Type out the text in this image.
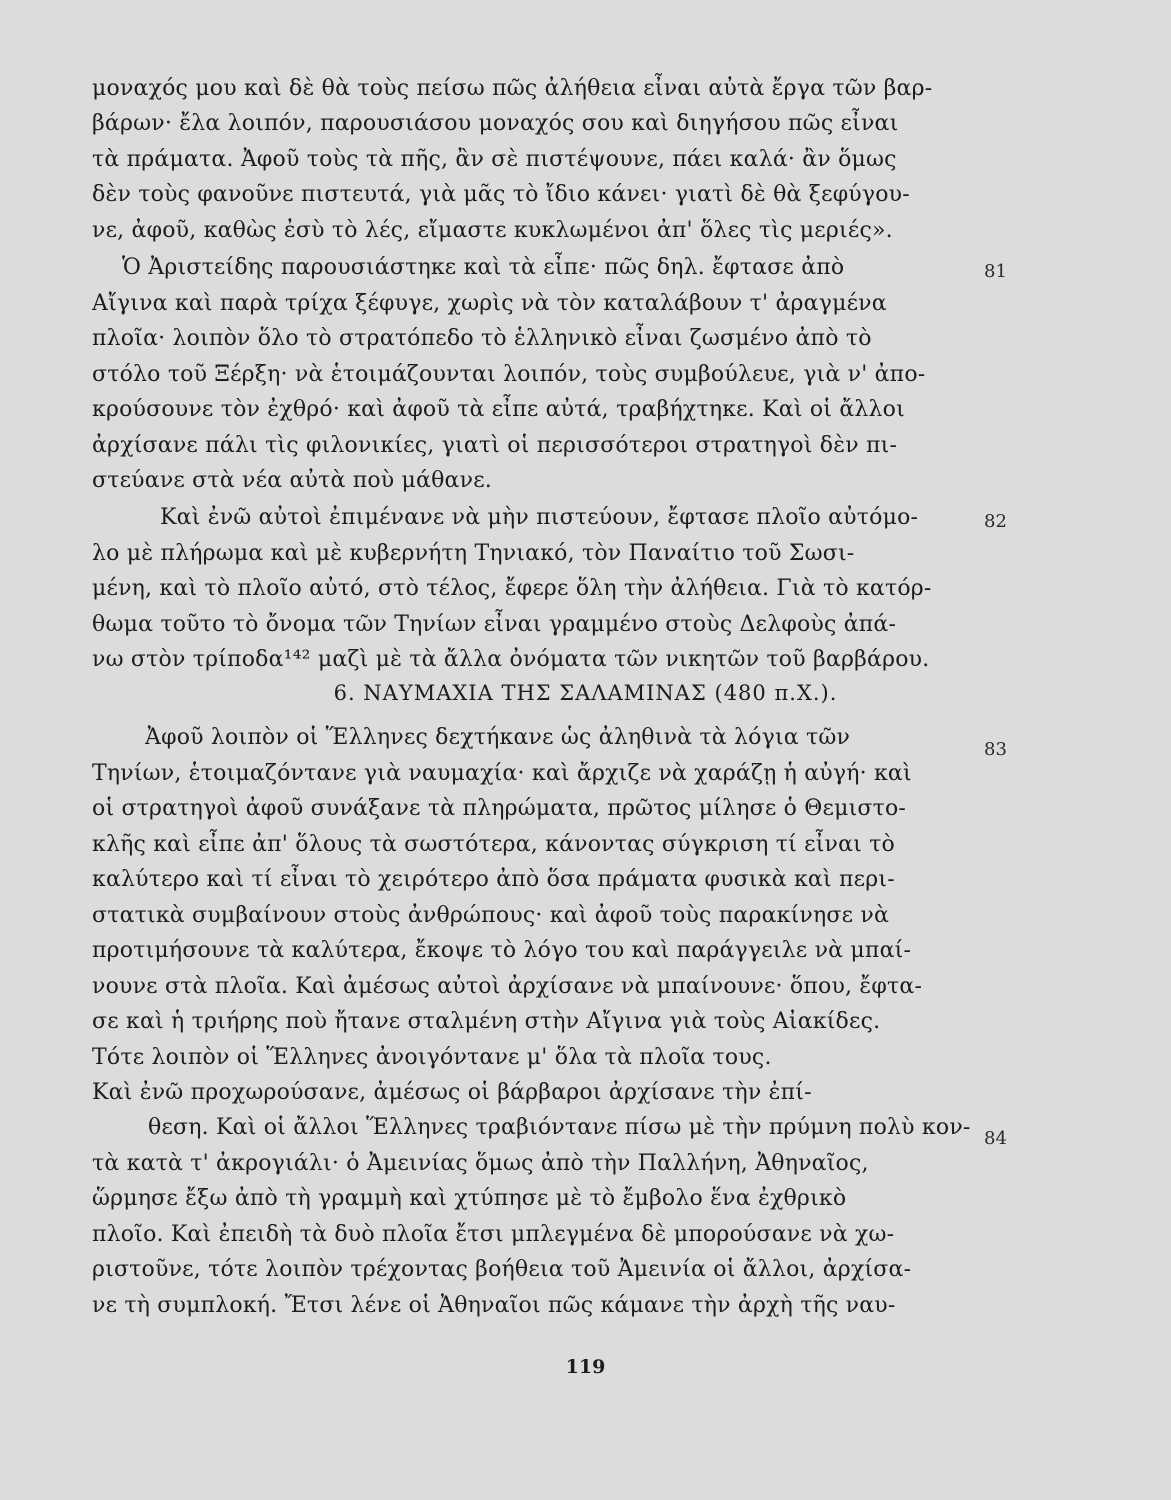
μοναχός μου καὶ δὲ θὰ τοὺς πείσω πῶς ἀλήθεια εἶναι αὐτὰ ἔργα τῶν βαρ-
βάρων· ἔλα λοιπόν, παρουσιάσου μοναχός σου καὶ διηγήσου πῶς εἶναι
τὰ πράματα. Ἀφοῦ τοὺς τὰ πῆς, ἂν σὲ πιστέψουνε, πάει καλά· ἂν ὅμως
δὲν τοὺς φανοῦνε πιστευτά, γιὰ μᾶς τὸ ἴδιο κάνει· γιατὶ δὲ θὰ ξεφύγου-
νε, ἀφοῦ, καθὼς ἐσὺ τὸ λές, εἴμαστε κυκλωμένοι ἀπ' ὅλες τὶς μεριές».
Ὁ Ἀριστείδης παρουσιάστηκε καὶ τὰ εἶπε· πῶς δηλ. ἔφτασε ἀπὸ	81
Αἴγινα καὶ παρὰ τρίχα ξέφυγε, χωρὶς νὰ τὸν καταλάβουν τ' ἀραγμένα
πλοῖα· λοιπὸν ὅλο τὸ στρατόπεδο τὸ ἑλληνικὸ εἶναι ζωσμένο ἀπὸ τὸ
στόλο τοῦ Ξέρξη· νὰ ἑτοιμάζουνται λοιπόν, τοὺς συμβούλευε, γιὰ ν' ἀπο-
κρούσουνε τὸν ἐχθρό· καὶ ἀφοῦ τὰ εἶπε αὐτά, τραβήχτηκε. Καὶ οἱ ἄλλοι
ἀρχίσανε πάλι τὶς φιλονικίες, γιατὶ οἱ περισσότεροι στρατηγοὶ δὲν πι-
στεύανε στὰ νέα αὐτὰ ποὺ μάθανε.
Καὶ ἐνῶ αὐτοὶ ἐπιμένανε νὰ μὴν πιστεύουν, ἔφτασε πλοῖο αὐτόμο-	82
λο μὲ πλήρωμα καὶ μὲ κυβερνήτη Τηνιακό, τὸν Παναίτιο τοῦ Σωσι-
μένη, καὶ τὸ πλοῖο αὐτό, στὸ τέλος, ἔφερε ὅλη τὴν ἀλήθεια. Γιὰ τὸ κατόρ-
θωμα τοῦτο τὸ ὄνομα τῶν Τηνίων εἶναι γραμμένο στοὺς Δελφοὺς ἀπά-
νω στὸν τρίποδα¹⁴² μαζὶ μὲ τὰ ἄλλα ὀνόματα τῶν νικητῶν τοῦ βαρβάρου.
6. ΝΑΥΜΑΧΙΑ ΤΗΣ ΣΑΛΑΜΙΝΑΣ (480 π.Χ.).
Ἀφοῦ λοιπὸν οἱ Ἕλληνες δεχτήκανε ὡς ἀληθινὰ τὰ λόγια τῶν	83
Τηνίων, ἑτοιμαζόντανε γιὰ ναυμαχία· καὶ ἄρχιζε νὰ χαράζῃ ἡ αὐγή· καὶ
οἱ στρατηγοὶ ἀφοῦ συνάξανε τὰ πληρώματα, πρῶτος μίλησε ὁ Θεμιστο-
κλῆς καὶ εἶπε ἀπ' ὅλους τὰ σωστότερα, κάνοντας σύγκριση τί εἶναι τὸ
καλύτερο καὶ τί εἶναι τὸ χειρότερο ἀπὸ ὅσα πράματα φυσικὰ καὶ περι-
στατικὰ συμβαίνουν στοὺς ἀνθρώπους· καὶ ἀφοῦ τοὺς παρακίνησε νὰ
προτιμήσουνε τὰ καλύτερα, ἔκοψε τὸ λόγο του καὶ παράγγειλε νὰ μπαί-
νουνε στὰ πλοῖα. Καὶ ἀμέσως αὐτοὶ ἀρχίσανε νὰ μπαίνουνε· ὅπου, ἔφτα-
σε καὶ ἡ τριήρης ποὺ ἤτανε σταλμένη στὴν Αἴγινα γιὰ τοὺς Αἰακίδες.
Τότε λοιπὸν οἱ Ἕλληνες ἀνοιγόντανε μ' ὅλα τὰ πλοῖα τους.
Καὶ ἐνῶ προχωρούσανε, ἀμέσως οἱ βάρβαροι ἀρχίσανε τὴν ἐπί-
θεση. Καὶ οἱ ἄλλοι Ἕλληνες τραβιόντανε πίσω μὲ τὴν πρύμνη πολὺ κον- 84
τὰ κατὰ τ' ἀκρογιάλι· ὁ Ἀμεινίας ὅμως ἀπὸ τὴν Παλλήνη, Ἀθηναῖος,
ὥρμησε ἔξω ἀπὸ τὴ γραμμὴ καὶ χτύπησε μὲ τὸ ἔμβολο ἕνα ἐχθρικὸ
πλοῖο. Καὶ ἐπειδὴ τὰ δυὸ πλοῖα ἔτσι μπλεγμένα δὲ μπορούσανε νὰ χω-
ριστοῦνε, τότε λοιπὸν τρέχοντας βοήθεια τοῦ Ἀμεινία οἱ ἄλλοι, ἀρχίσα-
νε τὴ συμπλοκή. Ἔτσι λένε οἱ Ἀθηναῖοι πῶς κάμανε τὴν ἀρχὴ τῆς ναυ-
119
